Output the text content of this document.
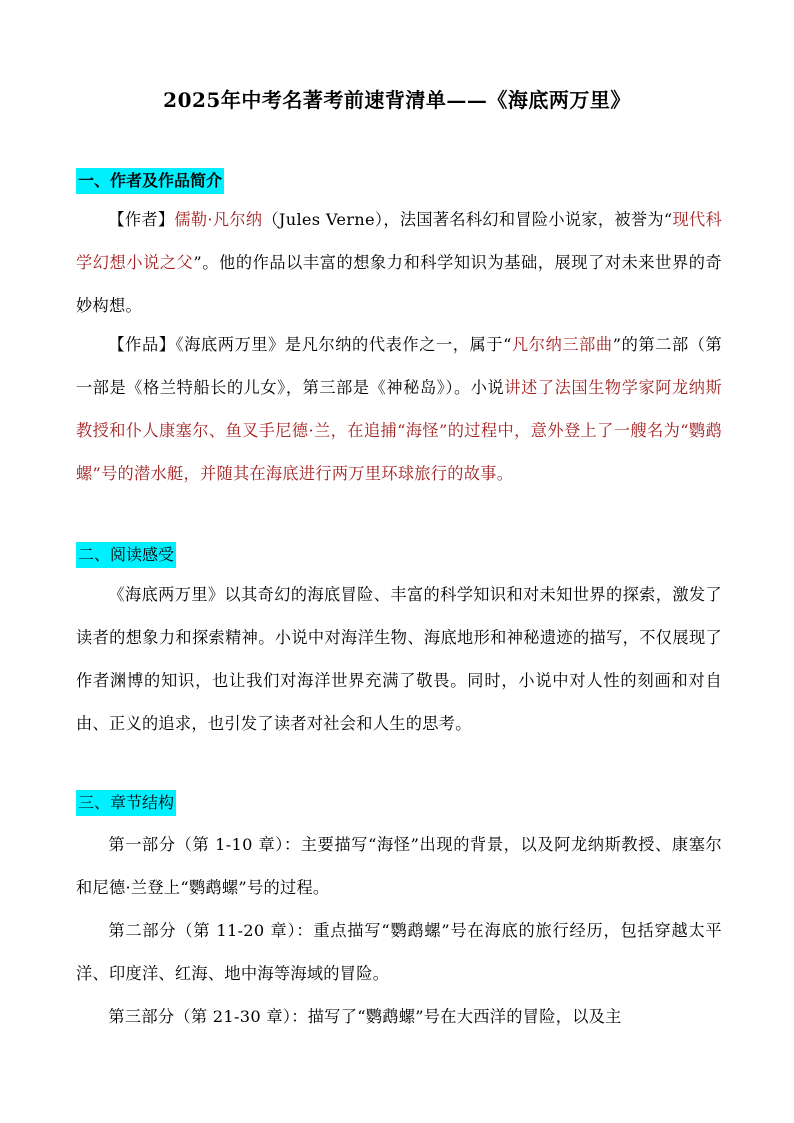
2025年中考名著考前速背清单——《海底两万里》
一、作者及作品简介

【作者】儒勒·凡尔纳（Jules Verne），法国著名科幻和冒险小说家，被誉为“现代科学幻想小说之父”。他的作品以丰富的想象力和科学知识为基础，展现了对未来世界的奇妙构想。

【作品】《海底两万里》是凡尔纳的代表作之一，属于“凡尔纳三部曲”的第二部（第一部是《格兰特船长的儿女》，第三部是《神秘岛》）。小说讲述了法国生物学家阿龙纳斯教授和仆人康塞尔、鱼叉手尼德·兰，在追捕“海怪”的过程中，意外登上了一艘名为“鹦鹉螺”号的潜水艇，并随其在海底进行两万里环球旅行的故事。

二、阅读感受

《海底两万里》以其奇幻的海底冒险、丰富的科学知识和对未知世界的探索，激发了读者的想象力和探索精神。小说中对海洋生物、海底地形和神秘遗迹的描写，不仅展现了作者渊博的知识，也让我们对海洋世界充满了敬畏。同时，小说中对人性的刻画和对自由、正义的追求，也引发了读者对社会和人生的思考。

三、章节结构

第一部分（第 1-10 章）：主要描写“海怪”出现的背景，以及阿龙纳斯教授、康塞尔和尼德·兰登上“鹦鹉螺”号的过程。

第二部分（第 11-20 章）：重点描写“鹦鹉螺”号在海底的旅行经历，包括穿越太平洋、印度洋、红海、地中海等海域的冒险。

第三部分（第 21-30 章）：描写了“鹦鹉螺”号在大西洋的冒险，以及主
